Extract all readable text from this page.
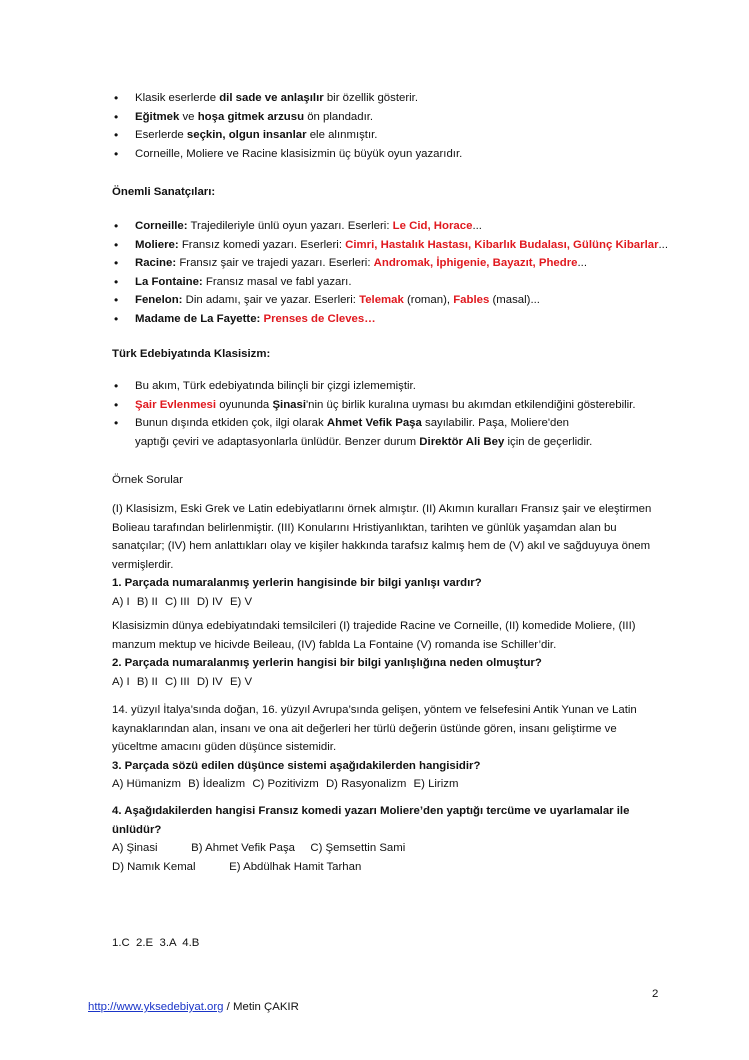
• Klasik eserlerde dil sade ve anlaşılır bir özellik gösterir.
• Eğitmek ve hoşa gitmek arzusu ön plandadır.
• Eserlerde seçkin, olgun insanlar ele alınmıştır.
• Corneille, Moliere ve Racine klasisizmin üç büyük oyun yazarıdır.
Önemli Sanatçıları:
• Corneille: Trajedileriyle ünlü oyun yazarı. Eserleri: Le Cid, Horace...
• Moliere: Fransız komedi yazarı. Eserleri: Cimri, Hastalık Hastası, Kibarlık Budalası, Gülünç Kibarlar...
• Racine: Fransız şair ve trajedi yazarı. Eserleri: Andromak, İphigenie, Bayazıt, Phedre...
• La Fontaine: Fransız masal ve fabl yazarı.
• Fenelon: Din adamı, şair ve yazar. Eserleri: Telemak (roman), Fables (masal)...
• Madame de La Fayette: Prenses de Cleves…
Türk Edebiyatında Klasisizm:
• Bu akım, Türk edebiyatında bilinçli bir çizgi izlememiştir.
• Şair Evlenmesi oyununda Şinasi'nin üç birlik kuralına uyması bu akımdan etkilendiğini gösterebilir.
• Bunun dışında etkiden çok, ilgi olarak Ahmet Vefik Paşa sayılabilir. Paşa, Moliere'den
yaptığı çeviri ve adaptasyonlarla ünlüdür. Benzer durum Direktör Ali Bey için de geçerlidir.
Örnek Sorular
(I) Klasisizm, Eski Grek ve Latin edebiyatlarını örnek almıştır. (II) Akımın kuralları Fransız şair ve eleştirmen
Bolieau tarafından belirlenmiştir. (III) Konularını Hristiyanlıktan, tarihten ve günlük yaşamdan alan bu
sanatçılar; (IV) hem anlattıkları olay ve kişiler hakkında tarafsız kalmış hem de (V) akıl ve sağduyuya önem
vermişlerdir.
1. Parçada numaralanmış yerlerin hangisinde bir bilgi yanlışı vardır?
A) I B) II C) III D) IV E) V
Klasisizmin dünya edebiyatındaki temsilcileri (I) trajedide Racine ve Corneille, (II) komedide Moliere, (III)
manzum mektup ve hicivde Beileau, (IV) fablda La Fontaine (V) romanda ise Schiller’dir.
2. Parçada numaralanmış yerlerin hangisi bir bilgi yanlışlığına neden olmuştur?
A) I B) II C) III D) IV E) V
14. yüzyıl İtalya’sında doğan, 16. yüzyıl Avrupa’sında gelişen, yöntem ve felsefesini Antik Yunan ve Latin
kaynaklarından alan, insanı ve ona ait değerleri her türlü değerin üstünde gören, insanı geliştirme ve
yüceltme amacını güden düşünce sistemidir.
3. Parçada sözü edilen düşünce sistemi aşağıdakilerden hangisidir?
A) Hümanizm B) İdealizm C) Pozitivizm D) Rasyonalizm E) Lirizm
4. Aşağıdakilerden hangisi Fransız komedi yazarı Moliere’den yaptığı tercüme ve uyarlamalar ile
ünlüdür?
A) Şinasi	B) Ahmet Vefik Paşa C) Şemsettin Sami
D) Namık Kemal	E) Abdülhak Hamit Tarhan
1.C  2.E  3.A  4.B
2
http://www.yksedebiyat.org / Metin ÇAKIR
